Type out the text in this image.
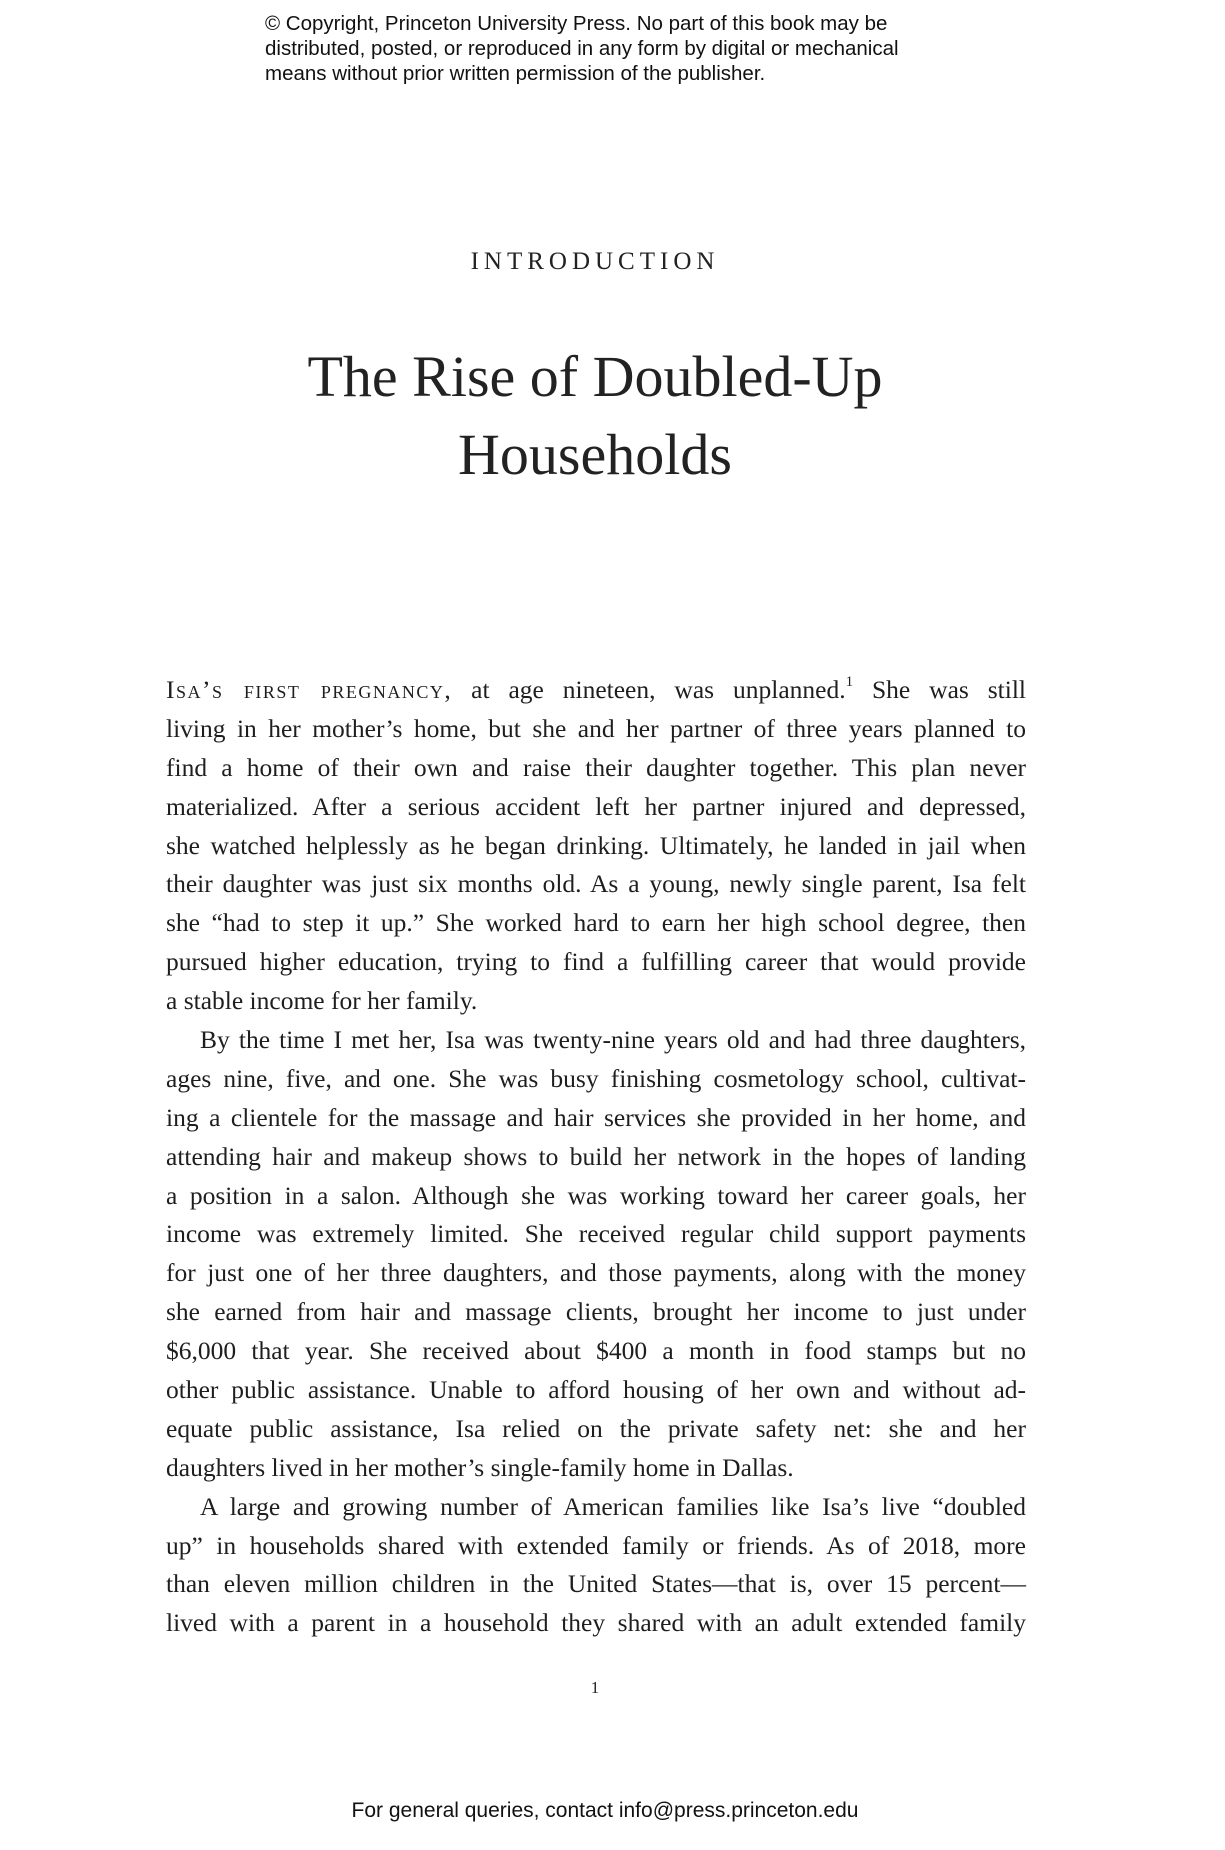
© Copyright, Princeton University Press. No part of this book may be
distributed, posted, or reproduced in any form by digital or mechanical
means without prior written permission of the publisher.
INTRODUCTION
The Rise of Doubled-Up
Households
Isa’s first pregnancy, at age nineteen, was unplanned.$^1$ She was still
living in her mother’s home, but she and her partner of three years planned to
find a home of their own and raise their daughter together. This plan never
materialized. After a serious accident left her partner injured and depressed,
she watched helplessly as he began drinking. Ultimately, he landed in jail when
their daughter was just six months old. As a young, newly single parent, Isa felt
she “had to step it up.” She worked hard to earn her high school degree, then
pursued higher education, trying to find a fulfilling career that would provide
a stable income for her family.
By the time I met her, Isa was twenty-nine years old and had three daughters,
ages nine, five, and one. She was busy finishing cosmetology school, cultivat-
ing a clientele for the massage and hair services she provided in her home, and
attending hair and makeup shows to build her network in the hopes of landing
a position in a salon. Although she was working toward her career goals, her
income was extremely limited. She received regular child support payments
for just one of her three daughters, and those payments, along with the money
she earned from hair and massage clients, brought her income to just under
$6,000 that year. She received about $400 a month in food stamps but no
other public assistance. Unable to afford housing of her own and without ad-
equate public assistance, Isa relied on the private safety net: she and her
daughters lived in her mother’s single-family home in Dallas.
A large and growing number of American families like Isa’s live “doubled
up” in households shared with extended family or friends. As of 2018, more
than eleven million children in the United States—that is, over 15 percent—
lived with a parent in a household they shared with an adult extended family
1
For general queries, contact info@press.princeton.edu
